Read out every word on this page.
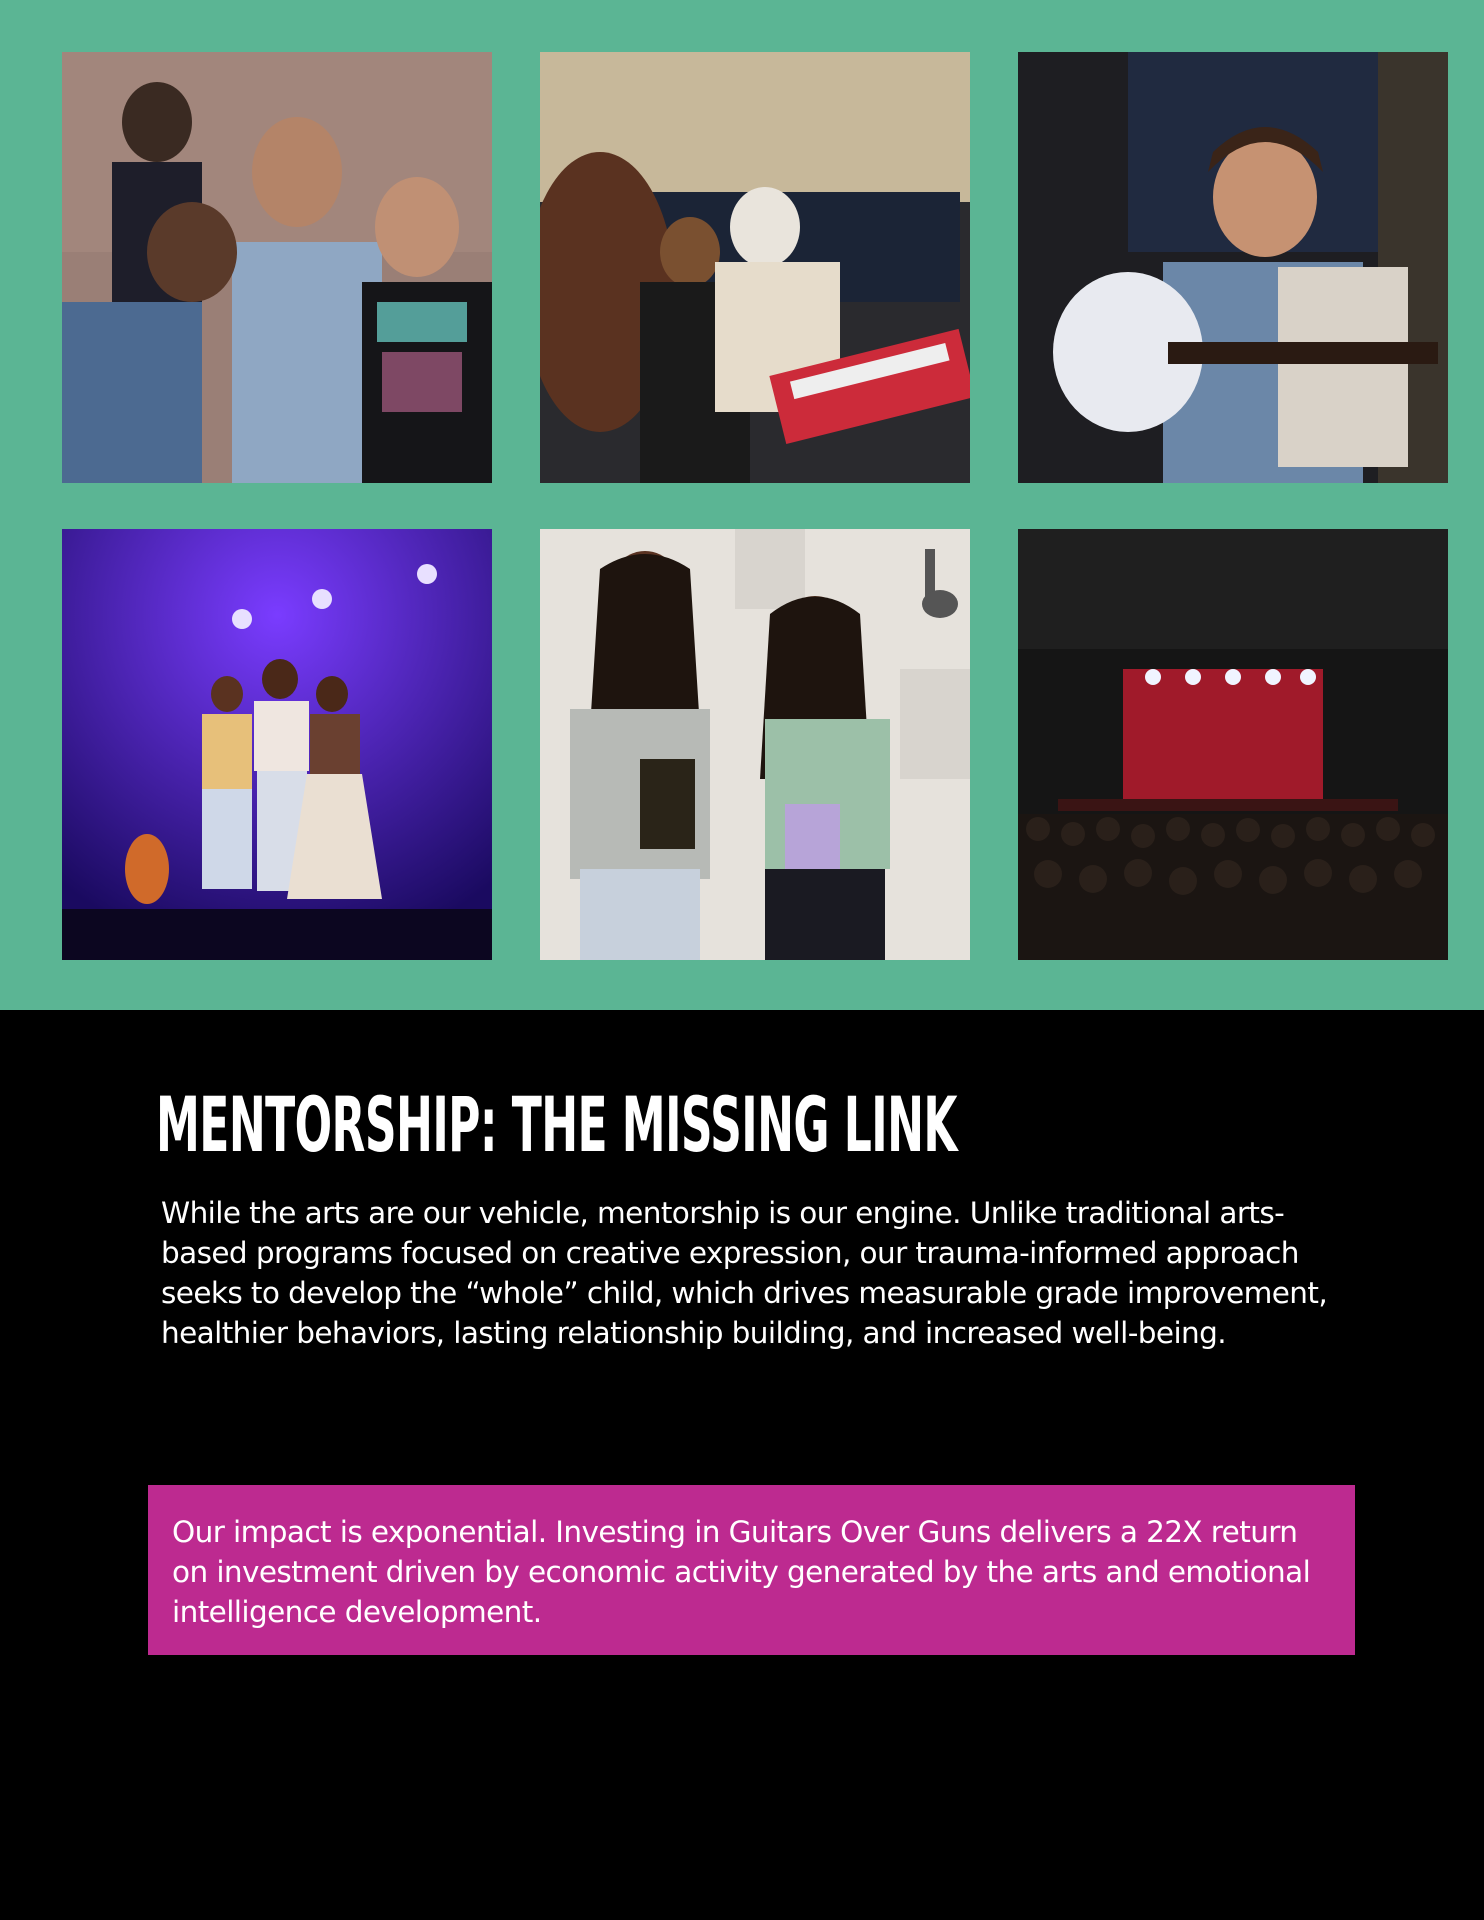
MENTORSHIP: THE MISSING LINK

While the arts are our vehicle, mentorship is our engine. Unlike traditional arts-based programs focused on creative expression, our trauma-informed approach seeks to develop the “whole” child, which drives measurable grade improvement, healthier behaviors, lasting relationship building, and increased well-being.

Our impact is exponential. Investing in Guitars Over Guns delivers a 22X return on investment driven by economic activity generated by the arts and emotional intelligence development.
